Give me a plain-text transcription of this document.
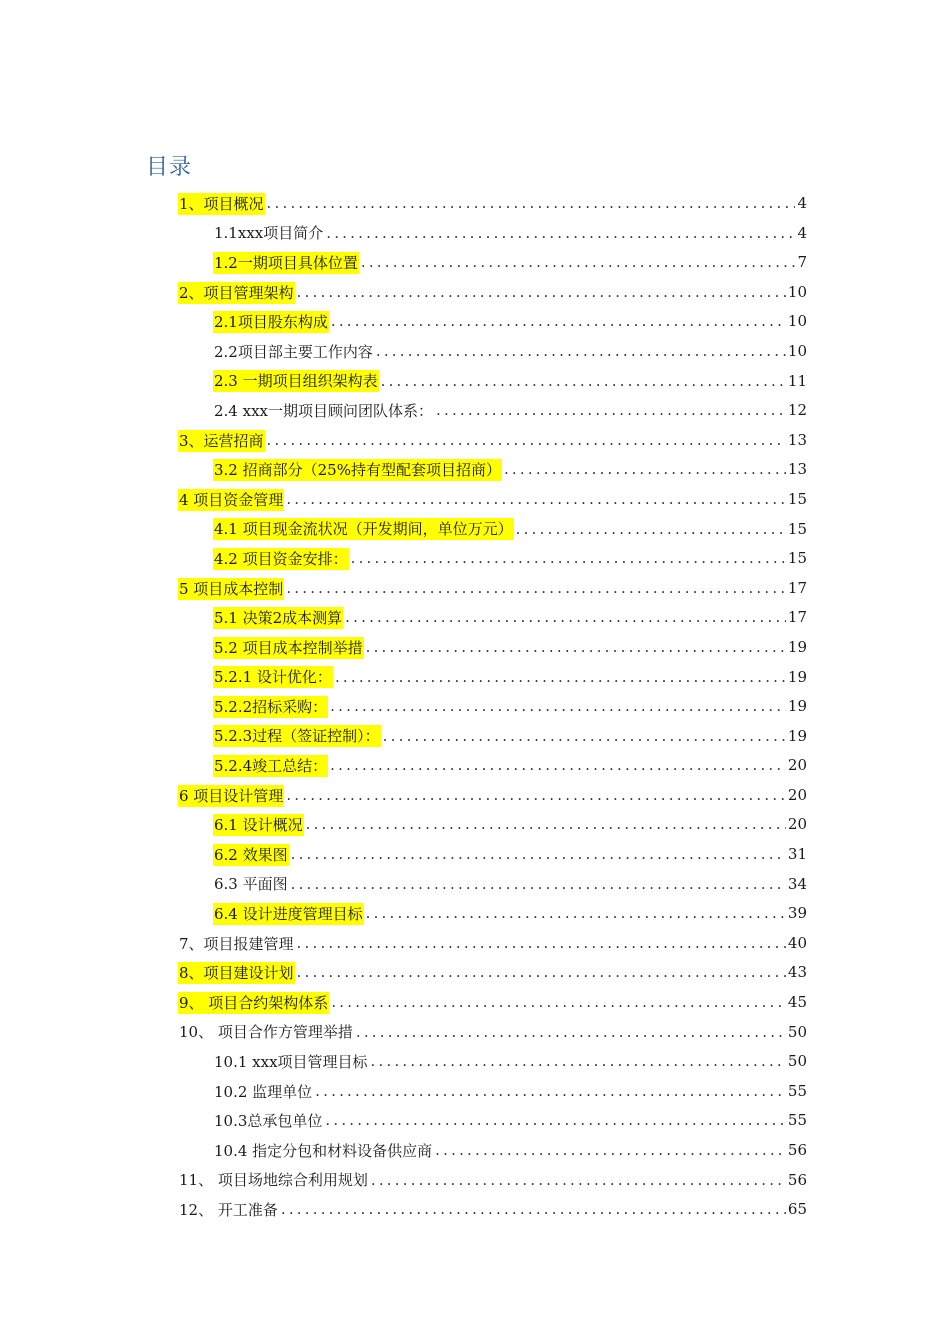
目录
1、项目概况 .....	4
1.1xxx项目简介 .....	4
1.2一期项目具体位置 .....	7
2、项目管理架构 .....	10
2.1项目股东构成 .....	10
2.2项目部主要工作内容 .....	10
2.3 一期项目组织架构表 .....	11
2.4 xxx一期项目顾问团队体系： .....	12
3、运营招商 .....	13
3.2 招商部分（25%持有型配套项目招商） .....	13
4 项目资金管理 .....	15
4.1 项目现金流状况（开发期间，单位万元） .....	15
4.2 项目资金安排： .....	15
5 项目成本控制 .....	17
5.1 决策2成本测算 .....	17
5.2 项目成本控制举措 .....	19
5.2.1 设计优化： .....	19
5.2.2招标采购： .....	19
5.2.3过程（签证控制）： .....	19
5.2.4竣工总结： .....	20
6 项目设计管理 .....	20
6.1 设计概况 .....	20
6.2 效果图 .....	31
6.3 平面图 .....	34
6.4 设计进度管理目标 .....	39
7、项目报建管理 .....	40
8、项目建设计划 .....	43
9、 项目合约架构体系 .....	45
10、 项目合作方管理举措 .....	50
10.1 xxx项目管理目标 .....	50
10.2 监理单位 .....	55
10.3总承包单位 .....	55
10.4 指定分包和材料设备供应商 .....	56
11、 项目场地综合利用规划 .....	56
12、 开工准备 .....	65
